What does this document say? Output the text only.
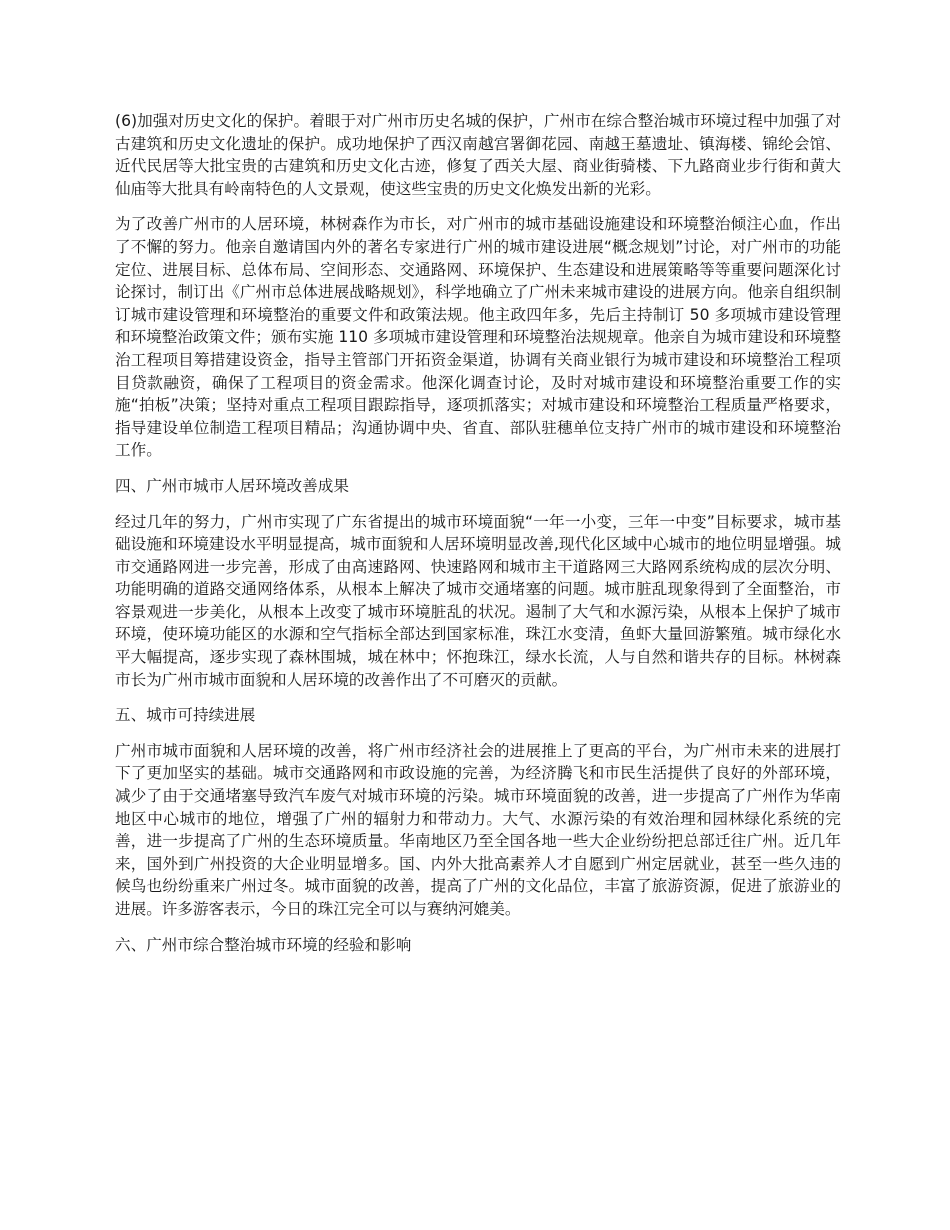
(6)加强对历史文化的保护。着眼于对广州市历史名城的保护，广州市在综合整治城市环境过程中加强了对古建筑和历史文化遗址的保护。成功地保护了西汉南越宫署御花园、南越王墓遗址、镇海楼、锦纶会馆、近代民居等大批宝贵的古建筑和历史文化古迹，修复了西关大屋、商业街骑楼、下九路商业步行街和黄大仙庙等大批具有岭南特色的人文景观，使这些宝贵的历史文化焕发出新的光彩。

为了改善广州市的人居环境，林树森作为市长，对广州市的城市基础设施建设和环境整治倾注心血，作出了不懈的努力。他亲自邀请国内外的著名专家进行广州的城市建设进展“概念规划”讨论，对广州市的功能定位、进展目标、总体布局、空间形态、交通路网、环境保护、生态建设和进展策略等等重要问题深化讨论探讨，制订出《广州市总体进展战略规划》，科学地确立了广州未来城市建设的进展方向。他亲自组织制订城市建设管理和环境整治的重要文件和政策法规。他主政四年多，先后主持制订 50 多项城市建设管理和环境整治政策文件；颁布实施 110 多项城市建设管理和环境整治法规规章。他亲自为城市建设和环境整治工程项目筹措建设资金，指导主管部门开拓资金渠道，协调有关商业银行为城市建设和环境整治工程项目贷款融资，确保了工程项目的资金需求。他深化调查讨论，及时对城市建设和环境整治重要工作的实施“拍板”决策；坚持对重点工程项目跟踪指导，逐项抓落实；对城市建设和环境整治工程质量严格要求，指导建设单位制造工程项目精品；沟通协调中央、省直、部队驻穗单位支持广州市的城市建设和环境整治工作。

四、广州市城市人居环境改善成果

经过几年的努力，广州市实现了广东省提出的城市环境面貌“一年一小变，三年一中变”目标要求，城市基础设施和环境建设水平明显提高，城市面貌和人居环境明显改善,现代化区域中心城市的地位明显增强。城市交通路网进一步完善，形成了由高速路网、快速路网和城市主干道路网三大路网系统构成的层次分明、功能明确的道路交通网络体系，从根本上解决了城市交通堵塞的问题。城市脏乱现象得到了全面整治，市容景观进一步美化，从根本上改变了城市环境脏乱的状况。遏制了大气和水源污染，从根本上保护了城市环境，使环境功能区的水源和空气指标全部达到国家标准，珠江水变清，鱼虾大量回游繁殖。城市绿化水平大幅提高，逐步实现了森林围城，城在林中；怀抱珠江，绿水长流，人与自然和谐共存的目标。林树森市长为广州市城市面貌和人居环境的改善作出了不可磨灭的贡献。

五、城市可持续进展

广州市城市面貌和人居环境的改善，将广州市经济社会的进展推上了更高的平台，为广州市未来的进展打下了更加坚实的基础。城市交通路网和市政设施的完善，为经济腾飞和市民生活提供了良好的外部环境，减少了由于交通堵塞导致汽车废气对城市环境的污染。城市环境面貌的改善，进一步提高了广州作为华南地区中心城市的地位，增强了广州的辐射力和带动力。大气、水源污染的有效治理和园林绿化系统的完善，进一步提高了广州的生态环境质量。华南地区乃至全国各地一些大企业纷纷把总部迁往广州。近几年来，国外到广州投资的大企业明显增多。国、内外大批高素养人才自愿到广州定居就业，甚至一些久违的候鸟也纷纷重来广州过冬。城市面貌的改善，提高了广州的文化品位，丰富了旅游资源，促进了旅游业的进展。许多游客表示，今日的珠江完全可以与赛纳河媲美。

六、广州市综合整治城市环境的经验和影响
